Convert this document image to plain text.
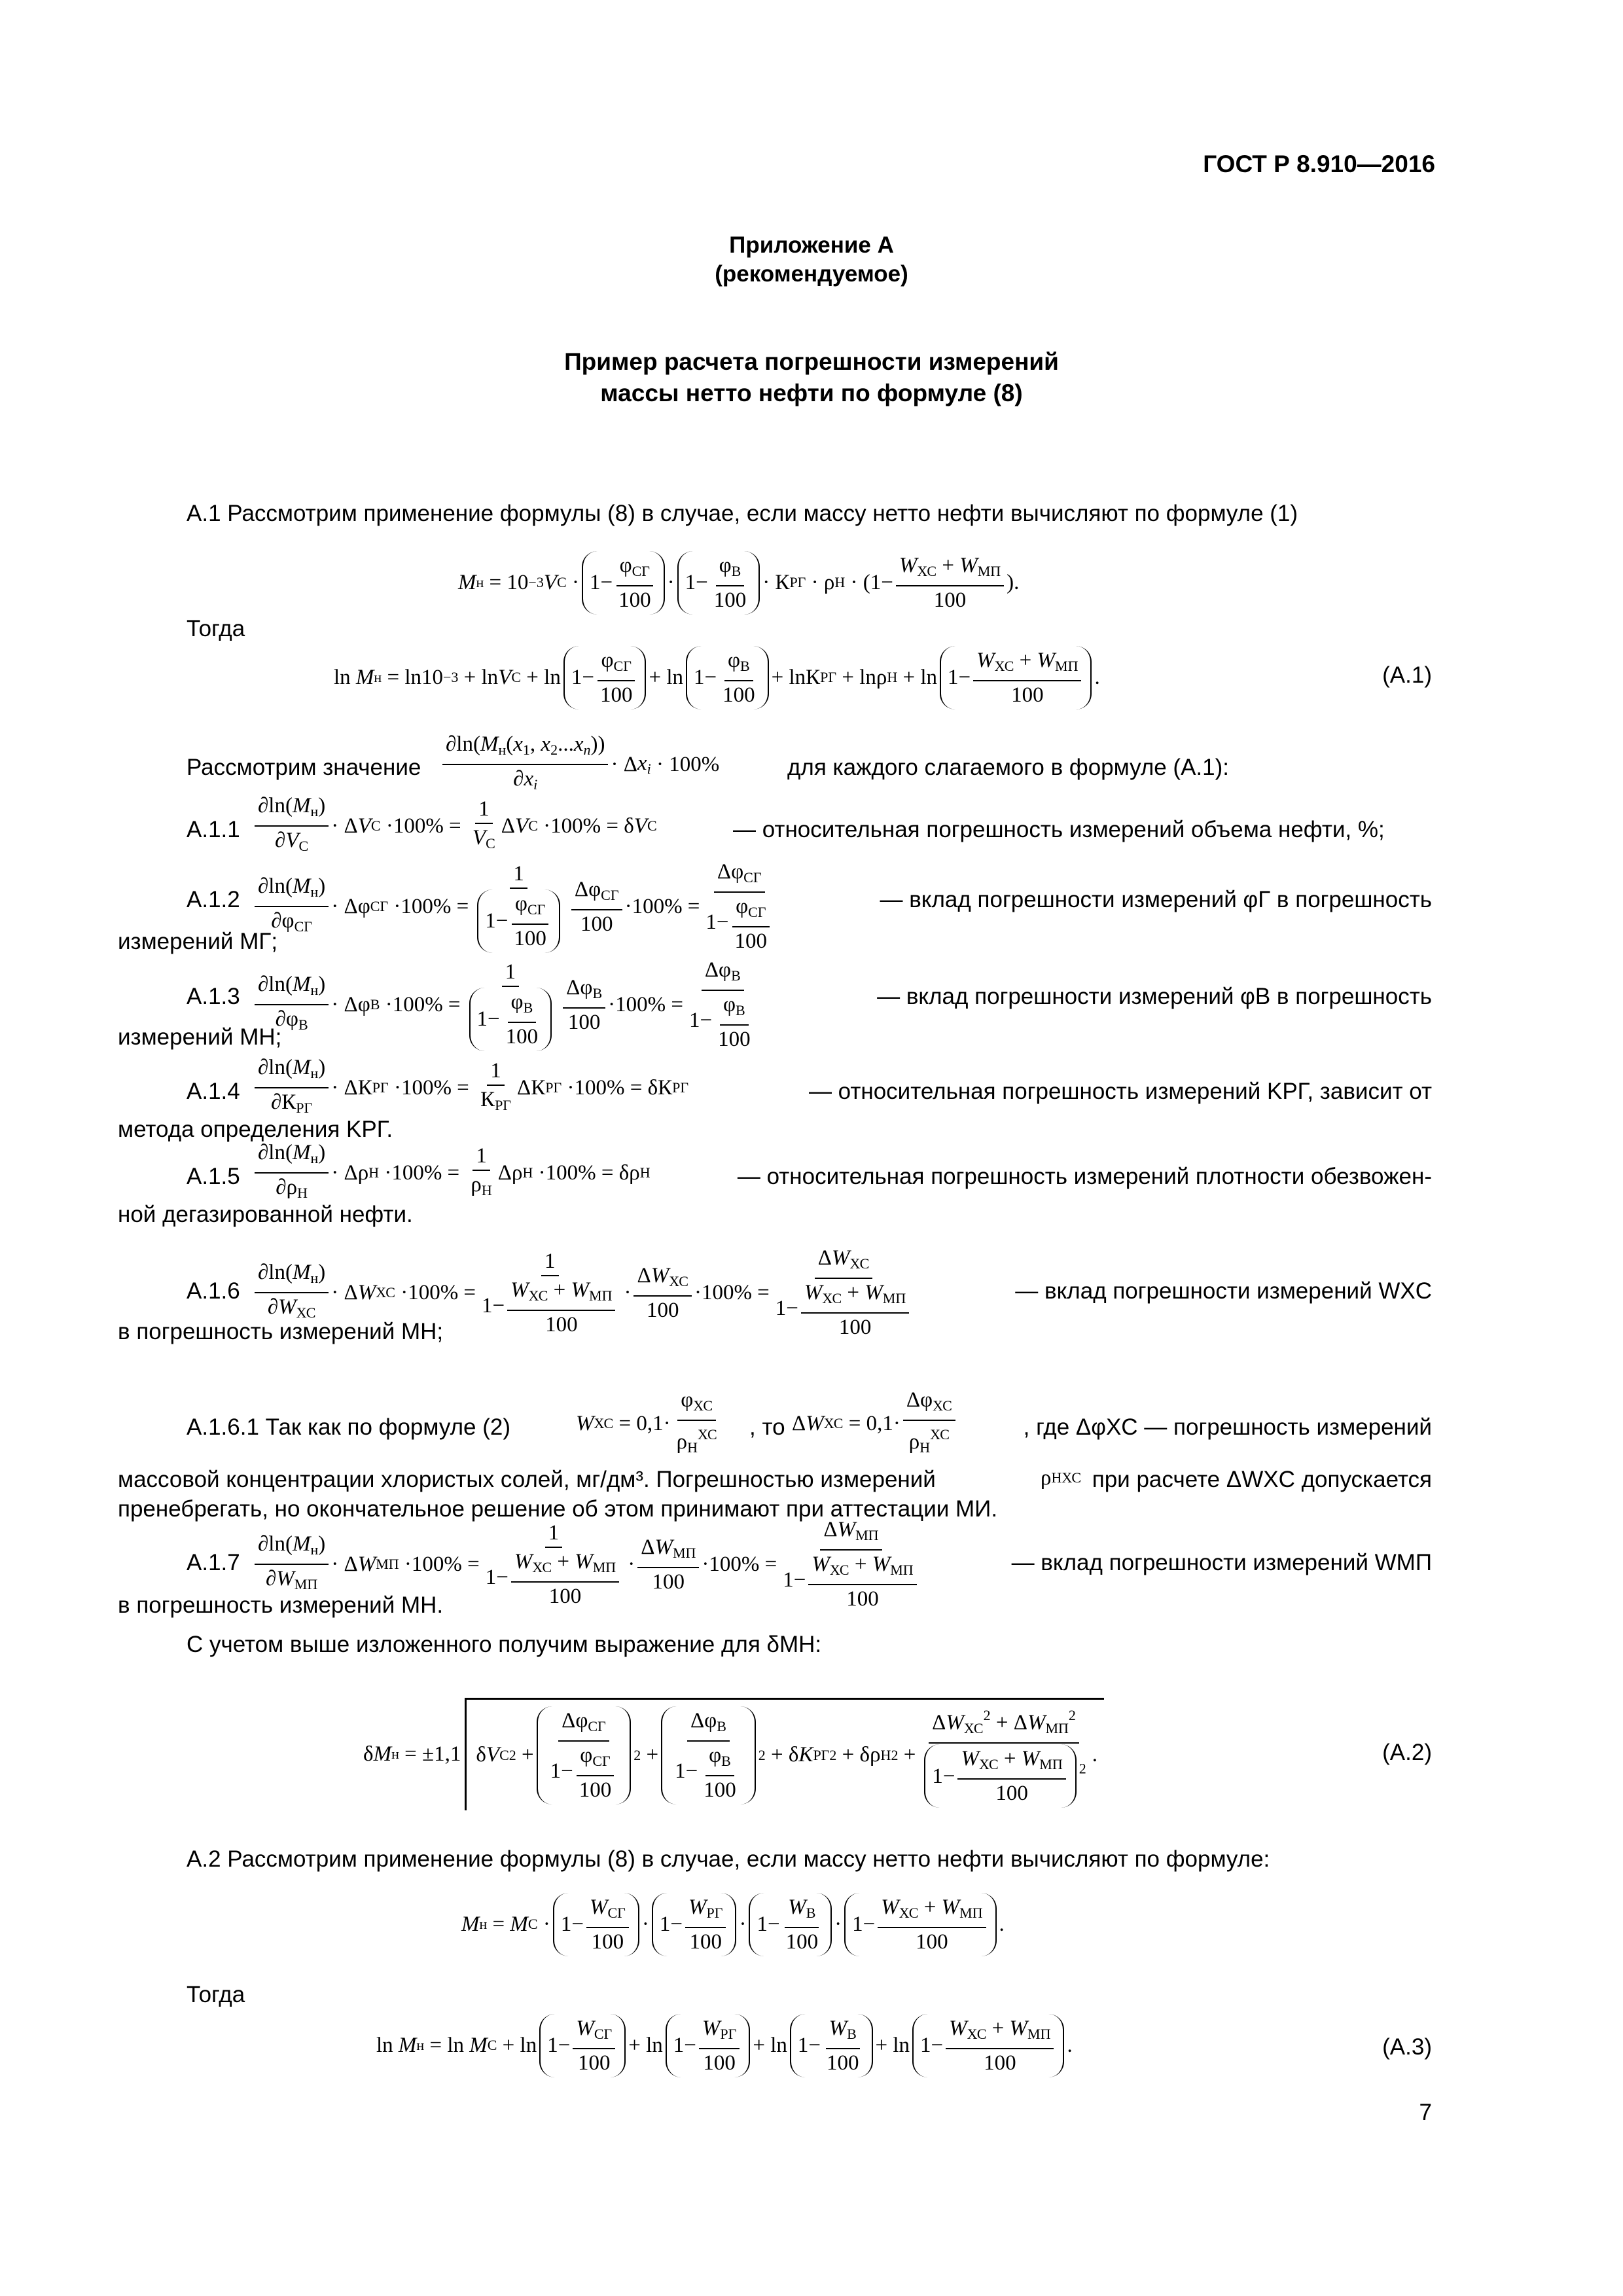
ГОСТ Р 8.910—2016
Приложение А
(рекомендуемое)
Пример расчета погрешности измерений
массы нетто нефти по формуле (8)
А.1 Рассмотрим применение формулы (8) в случае, если массу нетто нефти вычисляют по формуле (1)
M н = 10 −3 V С · 1−
$\varphi_{СГ}$
100
· 1−
$\varphi_В$
100
· К РГ · ρ Н · (1−
$W_{ХС} + W_{МП}$
100
).
Тогда
ln M н = ln10 −3 + ln V С + ln 1−
$\varphi_{СГ}$
100
+ ln 1−
$\varphi_В$
100
+ lnК РГ + lnρ Н + ln 1−
$W_{ХС} + W_{МП}$
100
.	(А.1)
Рассмотрим значение
$\partial\ln(M_н(x_1$, $x_2...x_n$))
$\partial x_i$
· Δ $x_i \cdot 100\%$	для каждого слагаемого в формуле (А.1):
А.1.1
$\partial\ln(M_н)$
$\partial V_С$
· Δ V С ·100% =
1
$V_С$
Δ V С ·100% = δ V С	— относительная погрешность измерений объема нефти, %;
А.1.2
$\partial\ln(M_н)$
$\partial\varphi_{СГ}$
· Δφ СГ ·100% =
1
1−
$\varphi_{СГ}$
100
$\Delta\varphi_{СГ}$
100
·100% =
$\Delta\varphi_{СГ}$
1−
$\varphi_{СГ}$
100
— вклад погрешности измерений φГ в погрешность
измерений MГ;
А.1.3 $\partial\ln(M_н)$
$\partial\varphi_В$
· Δφ В ·100% =
1
1−
$\varphi_В$
100
$\Delta\varphi_В$
100
·100% =
$\Delta\varphi_В$
1−
$\varphi_В$
100
— вклад погрешности измерений φВ в погрешность
измерений MН;
А.1.4
$\partial\ln(M_н)$
$\partial К_{РГ}$
· ΔК РГ ·100% =
1
$К_{РГ}$
ΔК РГ ·100% = δК РГ	— относительная погрешность измерений KРГ, зависит от
метода определения KРГ.
А.1.5
$\partial\ln(M_н)$
$\partial\rho_Н$
· Δρ Н ·100% =
1
$\rho_Н$
Δρ Н ·100% = δρ Н	— относительная погрешность измерений плотности обезвожен-
ной дегазированной нефти.
А.1.6
$\partial\ln(M_н)$
$\partial W_{ХС}$
· Δ W ХС ·100% =
1
1−
$W_{ХС} + W_{МП}$
100
·
$\Delta W_{ХС}$
100
·100% =
$\Delta W_{ХС}$
1−
$W_{ХС} + W_{МП}$
100
— вклад погрешности измерений WXC
в погрешность измерений MН;
А.1.6.1 Так как по формуле (2)	W ХС = 0,1·
$\varphi_{ХС}$
$\rho_Н^{ХС}$ , то Δ W ХС = 0,1·
$\Delta\varphi_{ХС}$
$\rho_Н^{ХС}$	, где ΔφXC — погрешность измерений
массовой концентрации хлористых солей, мг/дм³. Погрешностью измерений	ρ Н ХС при расчете ΔWXC допускается
пренебрегать, но окончательное решение об этом принимают при аттестации МИ.
А.1.7
$\partial\ln(M_н)$
$\partial W_{МП}$
· Δ W МП ·100% =
1
1−
$W_{ХС} + W_{МП}$
100
·
$\Delta W_{МП}$
100
·100% =
$\Delta W_{МП}$
1−
$W_{ХС} + W_{МП}$
100
— вклад погрешности измерений WМП
в погрешность измерений MН.
С учетом выше изложенного получим выражение для δMН:
δ M н = ±1,1 δ V С 2 +
$\Delta\varphi_{СГ}$
1−
$\varphi_{СГ}$
100
2 +
$\Delta\varphi_В$
1−
$\varphi_В$
100
2 + δ K РГ 2 + δρ Н 2 +
$\Delta W_{ХС}^2 + \Delta W_{МП}^2$
1−
$W_{ХС} + W_{МП}$
100
$^2$
.	(А.2)
А.2 Рассмотрим применение формулы (8) в случае, если массу нетто нефти вычисляют по формуле:
M н = M С · 1−
$W_{СГ}$
100
· 1−
$W_{РГ}$
100
· 1−
$W_В$
100
· 1−
$W_{ХС} + W_{МП}$
100
.
Тогда
ln M н = ln M С + ln 1−
$W_{СГ}$
100
+ ln 1−
$W_{РГ}$
100
+ ln 1−
$W_В$
100
+ ln 1−
$W_{ХС} + W_{МП}$
100
.	(А.3)
7
